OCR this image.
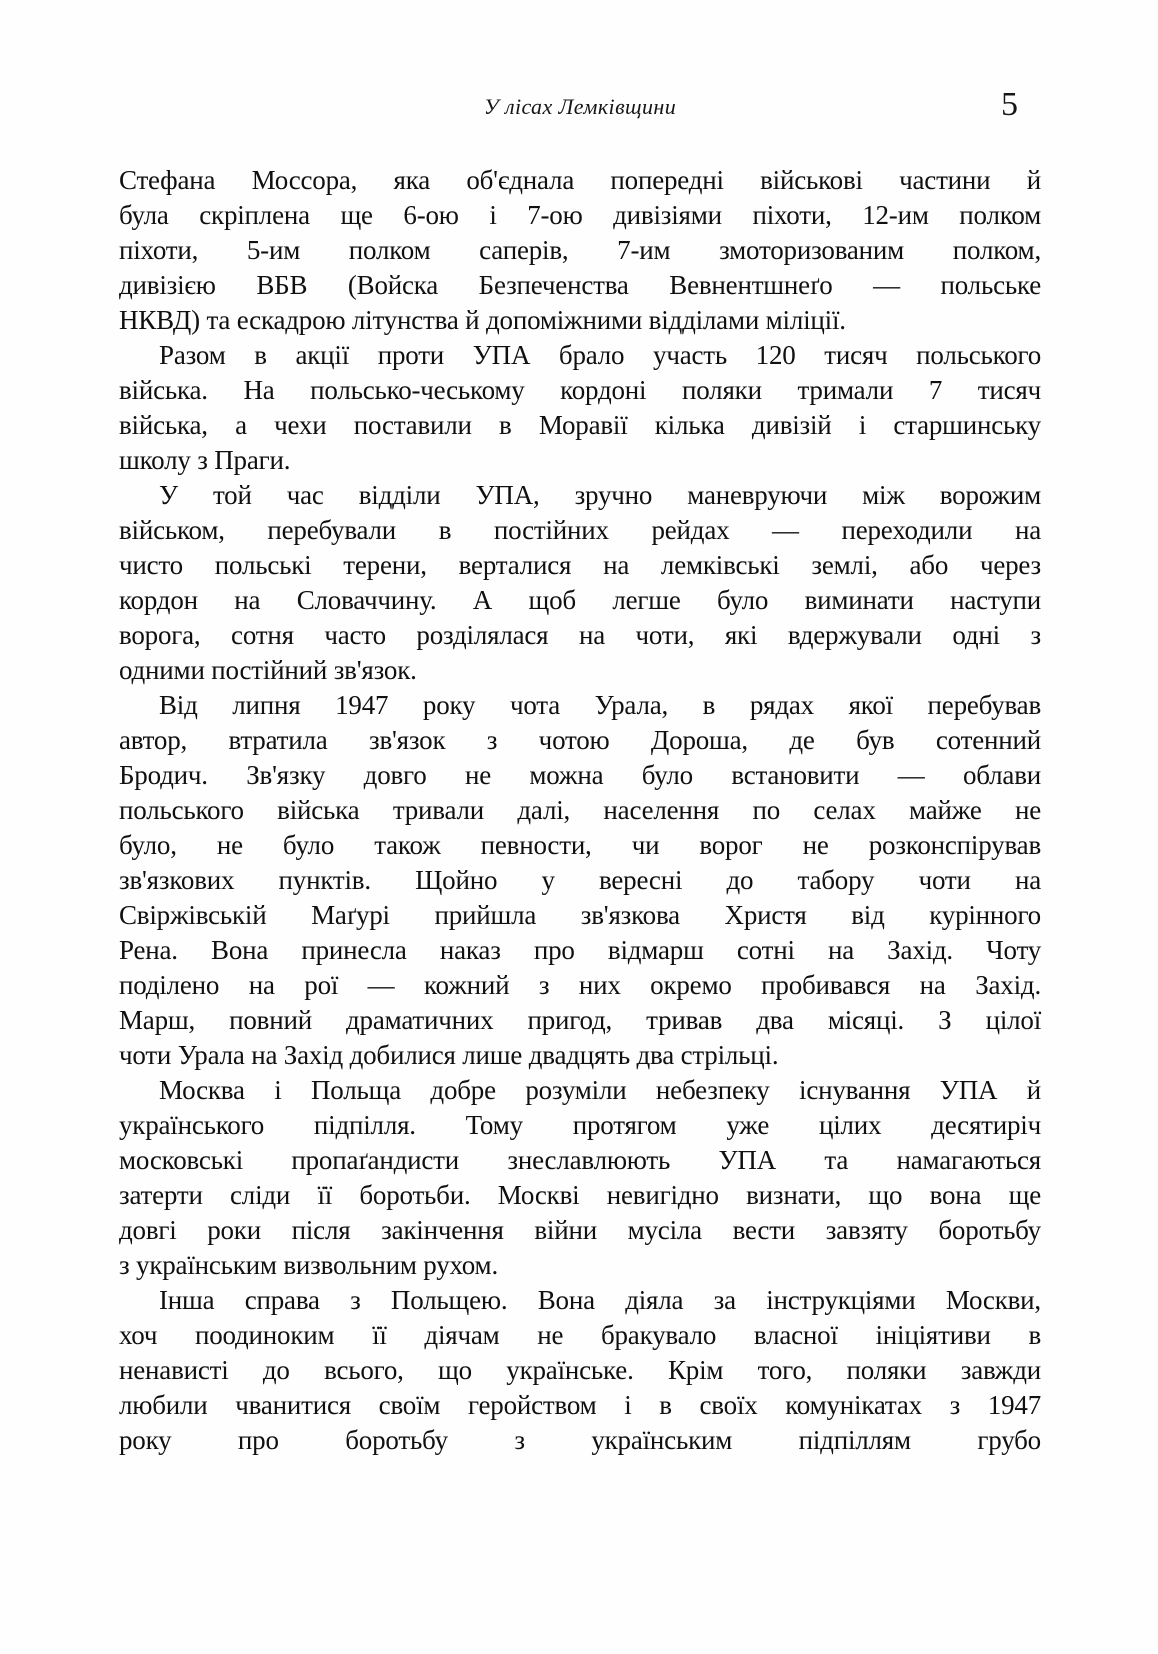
У лісах Лемківщини	5
Стефана Моссора, яка об'єднала попередні військові частини й
була скріплена ще 6-ою і 7-ою дивізіями піхоти, 12-им полком
піхоти, 5-им полком саперів, 7-им змоторизованим полком,
дивізією ВБВ (Войска Безпеченства Вевнентшнеґо — польське
НКВД) та ескадрою літунства й допоміжними відділами міліції.
Разом в акції проти УПА брало участь 120 тисяч польського
війська. На польсько-чеському кордоні поляки тримали 7 тисяч
війська, а чехи поставили в Моравії кілька дивізій і старшинську
школу з Праги.
У той час відділи УПА, зручно маневруючи між ворожим
військом, перебували в постійних рейдах — переходили на
чисто польські терени, верталися на лемківські землі, або через
кордон на Словаччину. А щоб легше було виминати наступи
ворога, сотня часто розділялася на чоти, які вдержували одні з
одними постійний зв'язок.
Від липня 1947 року чота Урала, в рядах якої перебував
автор, втратила зв'язок з чотою Дороша, де був сотенний
Бродич. Зв'язку довго не можна було встановити — облави
польського війська тривали далі, населення по селах майже не
було, не було також певности, чи ворог не розконспірував
зв'язкових пунктів. Щойно у вересні до табору чоти на
Свіржівській Маґурі прийшла зв'язкова Христя від курінного
Рена. Вона принесла наказ про відмарш сотні на Захід. Чоту
поділено на рої — кожний з них окремо пробивався на Захід.
Марш, повний драматичних пригод, тривав два місяці. З цілої
чоти Урала на Захід добилися лише двадцять два стрільці.
Москва і Польща добре розуміли небезпеку існування УПА й
українського підпілля. Тому протягом уже цілих десятиріч
московські пропаґандисти знеславлюють УПА та намагаються
затерти сліди її боротьби. Москві невигідно визнати, що вона ще
довгі роки після закінчення війни мусіла вести завзяту боротьбу
з українським визвольним рухом.
Інша справа з Польщею. Вона діяла за інструкціями Москви,
хоч поодиноким її діячам не бракувало власної ініціятиви в
ненависті до всього, що українське. Крім того, поляки завжди
любили чванитися своїм геройством і в своїх комунікатах з 1947
року про боротьбу з українським підпіллям грубо
